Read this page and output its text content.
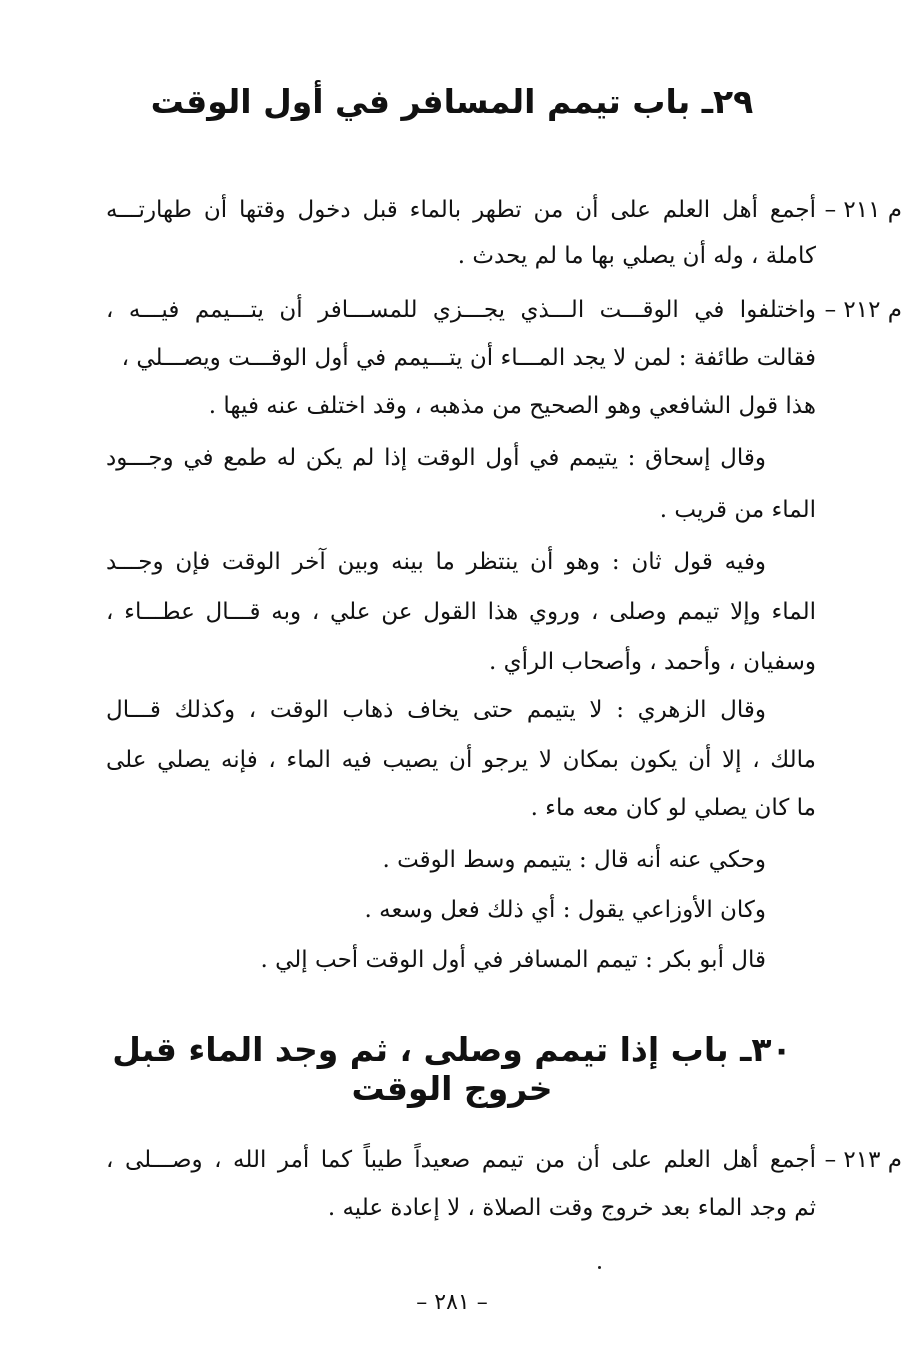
٢٩ـ باب تيمم المسافر في أول الوقت
م ٢١١ –
أجمع أهل العلم على أن من تطهر بالماء قبل دخول وقتها أن طهارتـــه
كاملة ، وله أن يصلي بها ما لم يحدث .
م ٢١٢ –
واختلفوا في الوقـــت الـــذي يجـــزي للمســـافر أن يتـــيمم فيـــه ،
فقالت طائفة : لمن لا يجد المـــاء أن يتـــيمم في أول الوقـــت ويصـــلي ،
هذا قول الشافعي وهو الصحيح من مذهبه ، وقد اختلف عنه فيها .
وقال إسحاق : يتيمم في أول الوقت إذا لم يكن له طمع في وجـــود
الماء من قريب .
وفيه قول ثان : وهو أن ينتظر ما بينه وبين آخر الوقت فإن وجـــد
الماء وإلا تيمم وصلى ، وروي هذا القول عن علي ، وبه قـــال عطـــاء ،
وسفيان ، وأحمد ، وأصحاب الرأي .
وقال الزهري : لا يتيمم حتى يخاف ذهاب الوقت ، وكذلك قـــال
مالك ، إلا أن يكون بمكان لا يرجو أن يصيب فيه الماء ، فإنه يصلي على
ما كان يصلي لو كان معه ماء .
وحكي عنه أنه قال : يتيمم وسط الوقت .
وكان الأوزاعي يقول : أي ذلك فعل وسعه .
قال أبو بكر : تيمم المسافر في أول الوقت أحب إلي .
٣٠ـ باب إذا تيمم وصلى ، ثم وجد الماء قبل خروج الوقت
م ٢١٣ –
أجمع أهل العلم على أن من تيمم صعيداً طيباً كما أمر الله ، وصـــلى ،
ثم وجد الماء بعد خروج وقت الصلاة ، لا إعادة عليه .
– ٢٨١ –
